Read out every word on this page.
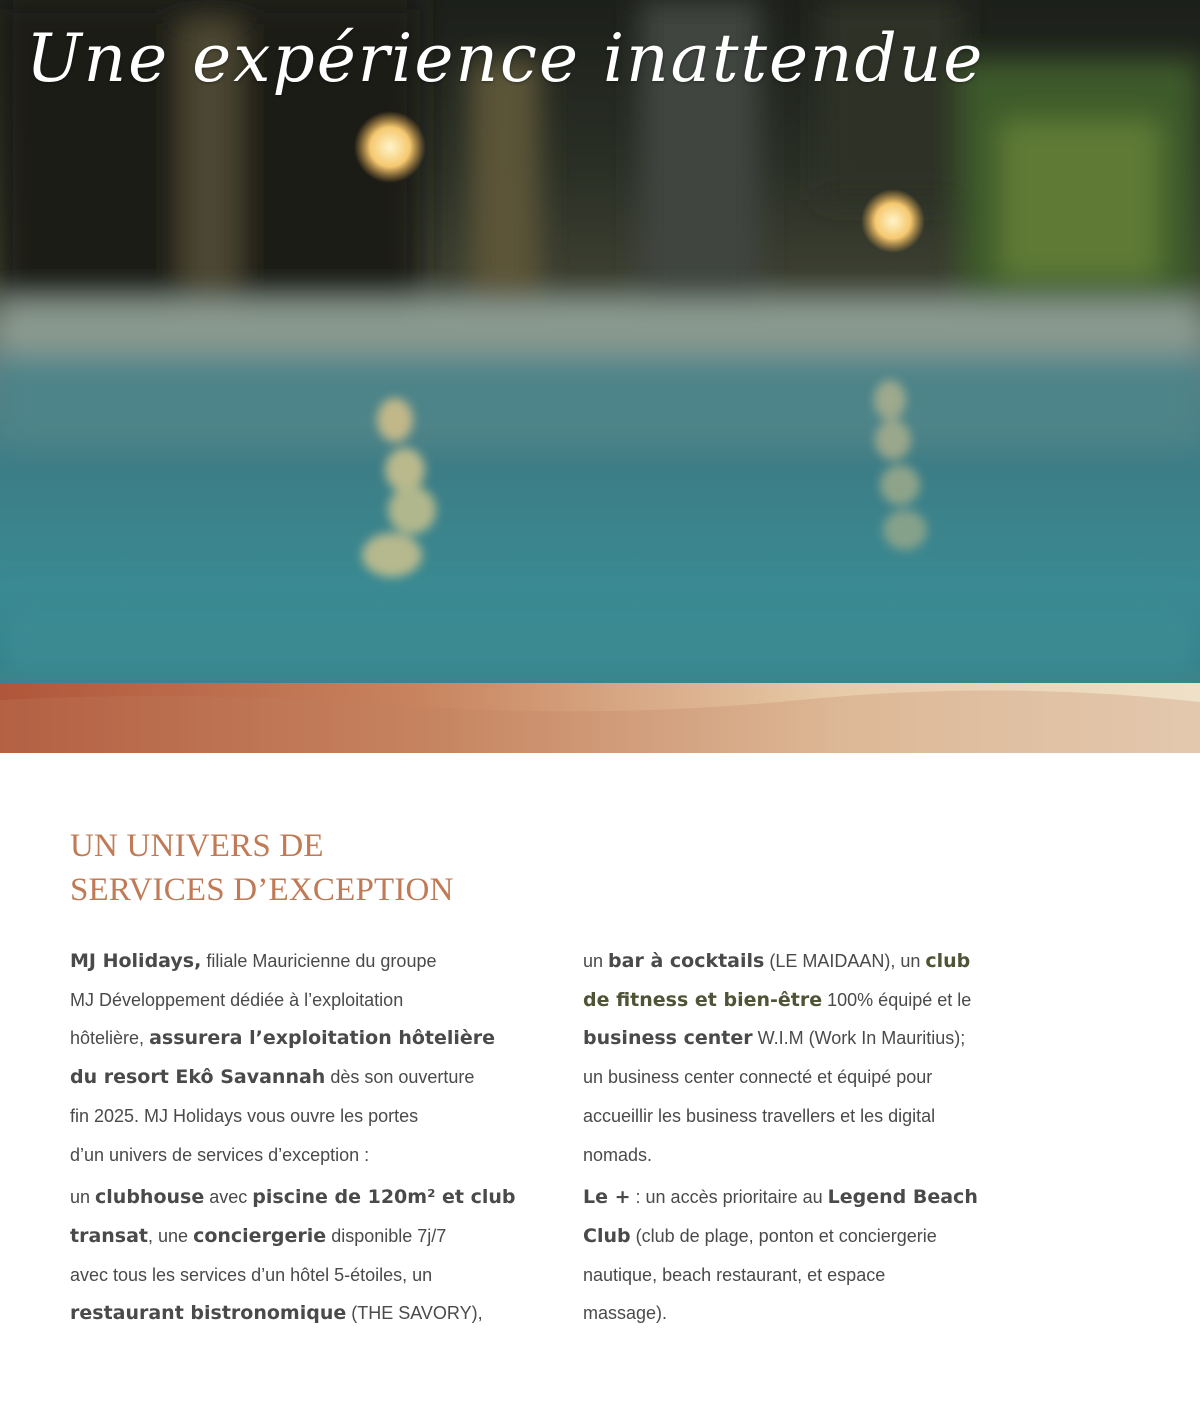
Une expérience inattendue
UN UNIVERS DE
SERVICES D’EXCEPTION

MJ Holidays, filiale Mauricienne du groupe
MJ Développement dédiée à l’exploitation
hôtelière, assurera l’exploitation hôtelière
du resort Ekô Savannah dès son ouverture
fin 2025. MJ Holidays vous ouvre les portes
d’un univers de services d’exception :

un clubhouse avec piscine de 120m² et club
transat, une conciergerie disponible 7j/7
avec tous les services d’un hôtel 5-étoiles, un
restaurant bistronomique (THE SAVORY),

un bar à cocktails (LE MAIDAAN), un club
de fitness et bien-être 100% équipé et le
business center W.I.M (Work In Mauritius);
un business center connecté et équipé pour
accueillir les business travellers et les digital
nomads.

Le + : un accès prioritaire au Legend Beach
Club (club de plage, ponton et conciergerie
nautique, beach restaurant, et espace
massage).
